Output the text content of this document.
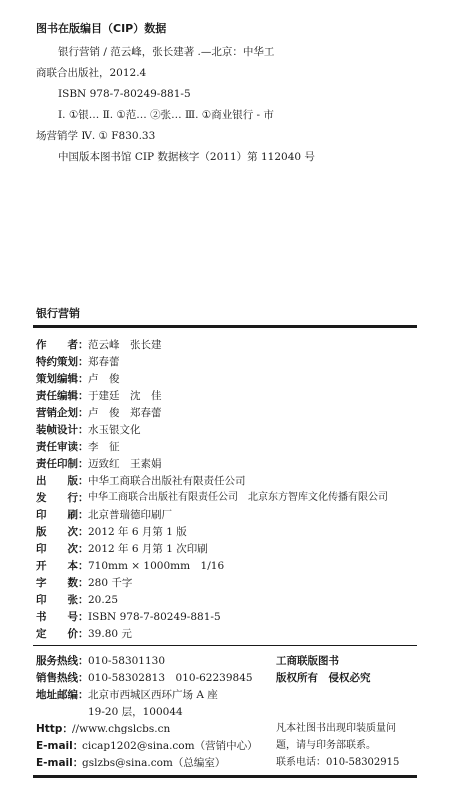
图书在版编目（CIP）数据
银行营销 / 范云峰，张长建著 .—北京：中华工
商联合出版社，2012.4
ISBN 978-7-80249-881-5
Ⅰ. ①银… Ⅱ. ①范… ②张… Ⅲ. ①商业银行 - 市
场营销学 Ⅳ. ① F830.33
中国版本图书馆 CIP 数据核字（2011）第 112040 号
银行营销
作　　者： 范云峰　张长建
特约策划： 郑春蕾
策划编辑： 卢　俊
责任编辑： 于建廷　沈　佳
营销企划： 卢　俊　郑春蕾
装帧设计： 水玉银文化
责任审读： 李　征
责任印制： 迈致红　王素娟
出　　版： 中华工商联合出版社有限责任公司
发　　行： 中华工商联合出版社有限责任公司　北京东方智库文化传播有限公司
印　　刷： 北京普瑞德印刷厂
版　　次： 2012 年 6 月第 1 版
印　　次： 2012 年 6 月第 1 次印刷
开　　本： 710mm × 1000mm　1/16
字　　数： 280 千字
印　　张： 20.25
书　　号： ISBN 978-7-80249-881-5
定　　价： 39.80 元
服务热线： 010-58301130
销售热线： 010-58302813　010-62239845
地址邮编： 北京市西城区西环广场 A 座
19-20 层，100044
Http： //www.chgslcbs.cn
E-mail：
cicap1202@sina.com（营销中心）
E-mail：
gslzbs@sina.com（总编室）
工商联版图书
版权所有　侵权必究
凡本社图书出现印装质量问
题，请与印务部联系。
联系电话：010-58302915
